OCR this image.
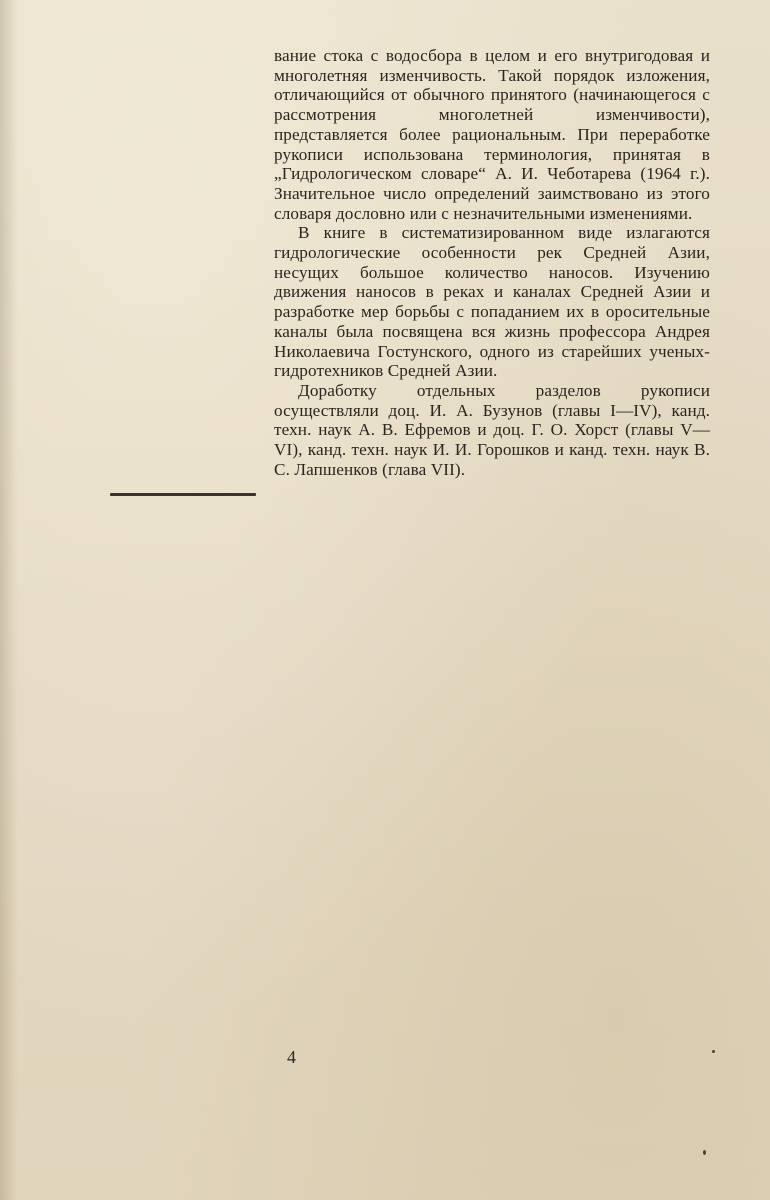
вание стока с водосбора в целом и его внутригодовая и многолетняя изменчивость. Такой порядок изложения, отличающийся от обычного принятого (начинающегося с рассмотрения многолетней изменчивости), представляется более рациональным. При переработке рукописи использована терминология, принятая в „Гидрологическом словаре“ А. И. Чеботарева (1964 г.). Значительное число определений заимствовано из этого словаря дословно или с незначительными изменениями.

В книге в систематизированном виде излагаются гидрологические особенности рек Средней Азии, несущих большое количество наносов. Изучению движения наносов в реках и каналах Средней Азии и разработке мер борьбы с попаданием их в оросительные каналы была посвящена вся жизнь профессора Андрея Николаевича Гостунского, одного из старейших ученых-гидротехников Средней Азии.

Доработку отдельных разделов рукописи осуществляли доц. И. А. Бузунов (главы I—IV), канд. техн. наук А. В. Ефремов и доц. Г. О. Хорст (главы V—VI), канд. техн. наук И. И. Горошков и канд. техн. наук В. С. Лапшенков (глава VII).

4
